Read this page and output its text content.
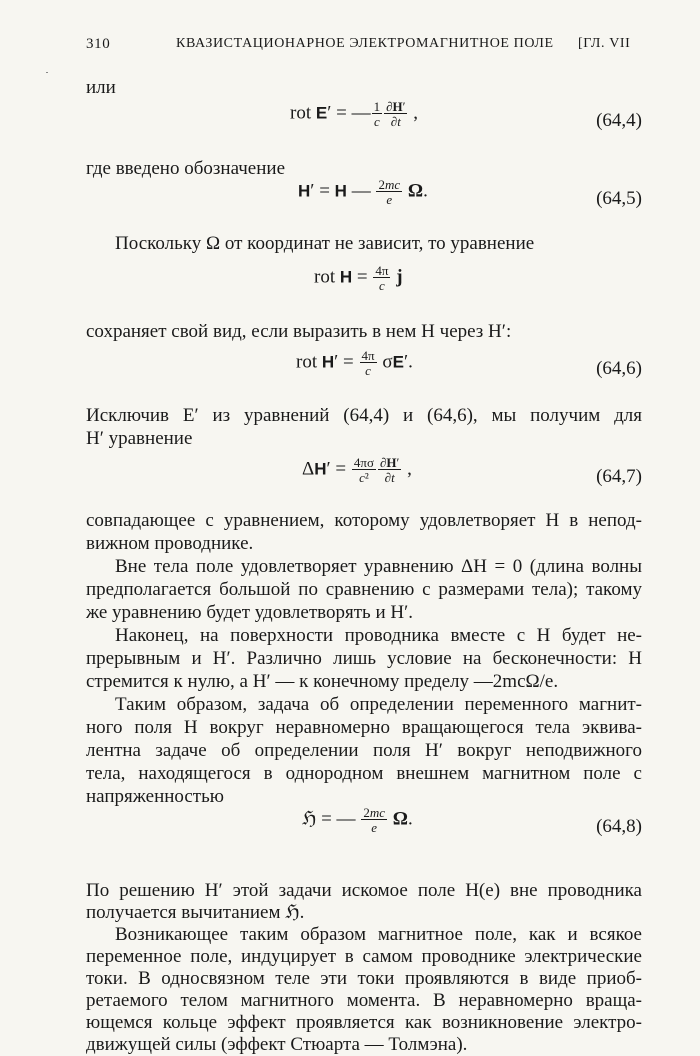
310	КВАЗИСТАЦИОНАРНОЕ ЭЛЕКТРОМАГНИТНОЕ ПОЛЕ [ГЛ. VII
или
rot E′ = — $\frac{1}{c} \frac{\partial H'}{\partial t}$ ,	(64,4)
где введено обозначение
H′ = H — $\frac{2mc}{e} \Omega$.	(64,5)
Поскольку Ω от координат не зависит, то уравнение
rot $H = \frac{4\pi}{c}$ j
сохраняет свой вид, если выразить в нем H через H′:
rot $H' = \frac{4\pi}{c} \sigma E'$.	(64,6)
Исключив E′ из уравнений (64,4) и (64,6), мы получим для
H′ уравнение
$\Delta H' = \frac{4\pi\sigma}{\text{c²}} \frac{\partial H'}{\partial t}$ ,	(64,7)
совпадающее с уравнением, которому удовлетворяет H в непод-
вижном проводнике.
Вне тела поле удовлетворяет уравнению ΔH = 0 (длина волны
предполагается большой по сравнению с размерами тела); такому
же уравнению будет удовлетворять и H′.
Наконец, на поверхности проводника вместе с H будет не-
прерывным и H′. Различно лишь условие на бесконечности: H
стремится к нулю, а H′ — к конечному пределу —2mcΩ/e.
Таким образом, задача об определении переменного магнит-
ного поля H вокруг неравномерно вращающегося тела эквива-
лентна задаче об определении поля H′ вокруг неподвижного
тела, находящегося в однородном внешнем магнитном поле с
напряженностью
ℌ = — $\frac{2mc}{e} \Omega$.	(64,8)
По решению H′ этой задачи искомое поле H(e) вне проводника
получается вычитанием ℌ.
Возникающее таким образом магнитное поле, как и всякое
переменное поле, индуцирует в самом проводнике электрические
токи. В односвязном теле эти токи проявляются в виде приоб-
ретаемого телом магнитного момента. В неравномерно враща-
ющемся кольце эффект проявляется как возникновение электро-
движущей силы (эффект Стюарта — Толмэна).
